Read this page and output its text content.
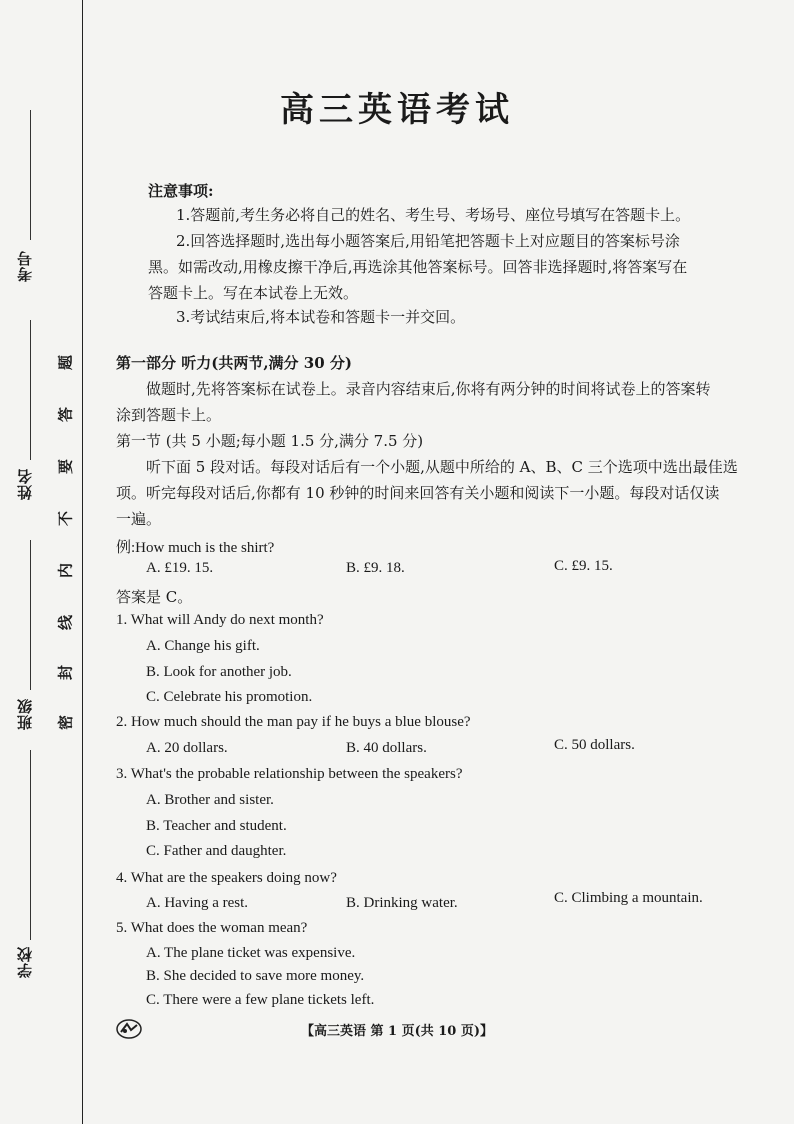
考号
姓名
班级
学校
题
答
要
不
内
线
封
密
高三英语考试
注意事项:
1.答题前,考生务必将自己的姓名、考生号、考场号、座位号填写在答题卡上。
2.回答选择题时,选出每小题答案后,用铅笔把答题卡上对应题目的答案标号涂
黑。如需改动,用橡皮擦干净后,再选涂其他答案标号。回答非选择题时,将答案写在
答题卡上。写在本试卷上无效。
3.考试结束后,将本试卷和答题卡一并交回。
第一部分 听力(共两节,满分 30 分)
做题时,先将答案标在试卷上。录音内容结束后,你将有两分钟的时间将试卷上的答案转
涂到答题卡上。
第一节 (共 5 小题;每小题 1.5 分,满分 7.5 分)
听下面 5 段对话。每段对话后有一个小题,从题中所给的 A、B、C 三个选项中选出最佳选
项。听完每段对话后,你都有 10 秒钟的时间来回答有关小题和阅读下一小题。每段对话仅读
一遍。
例:How much is the shirt?
A. £19. 15.	B. £9. 18.	C. £9. 15.
答案是 C。
1. What will Andy do next month?
A. Change his gift.
B. Look for another job.
C. Celebrate his promotion.
2. How much should the man pay if he buys a blue blouse?
A. 20 dollars.	B. 40 dollars.	C. 50 dollars.
3. What's the probable relationship between the speakers?
A. Brother and sister.
B. Teacher and student.
C. Father and daughter.
4. What are the speakers doing now?
A. Having a rest.	B. Drinking water.	C. Climbing a mountain.
5. What does the woman mean?
A. The plane ticket was expensive.
B. She decided to save more money.
C. There were a few plane tickets left.
【高三英语 第 1 页(共 10 页)】
